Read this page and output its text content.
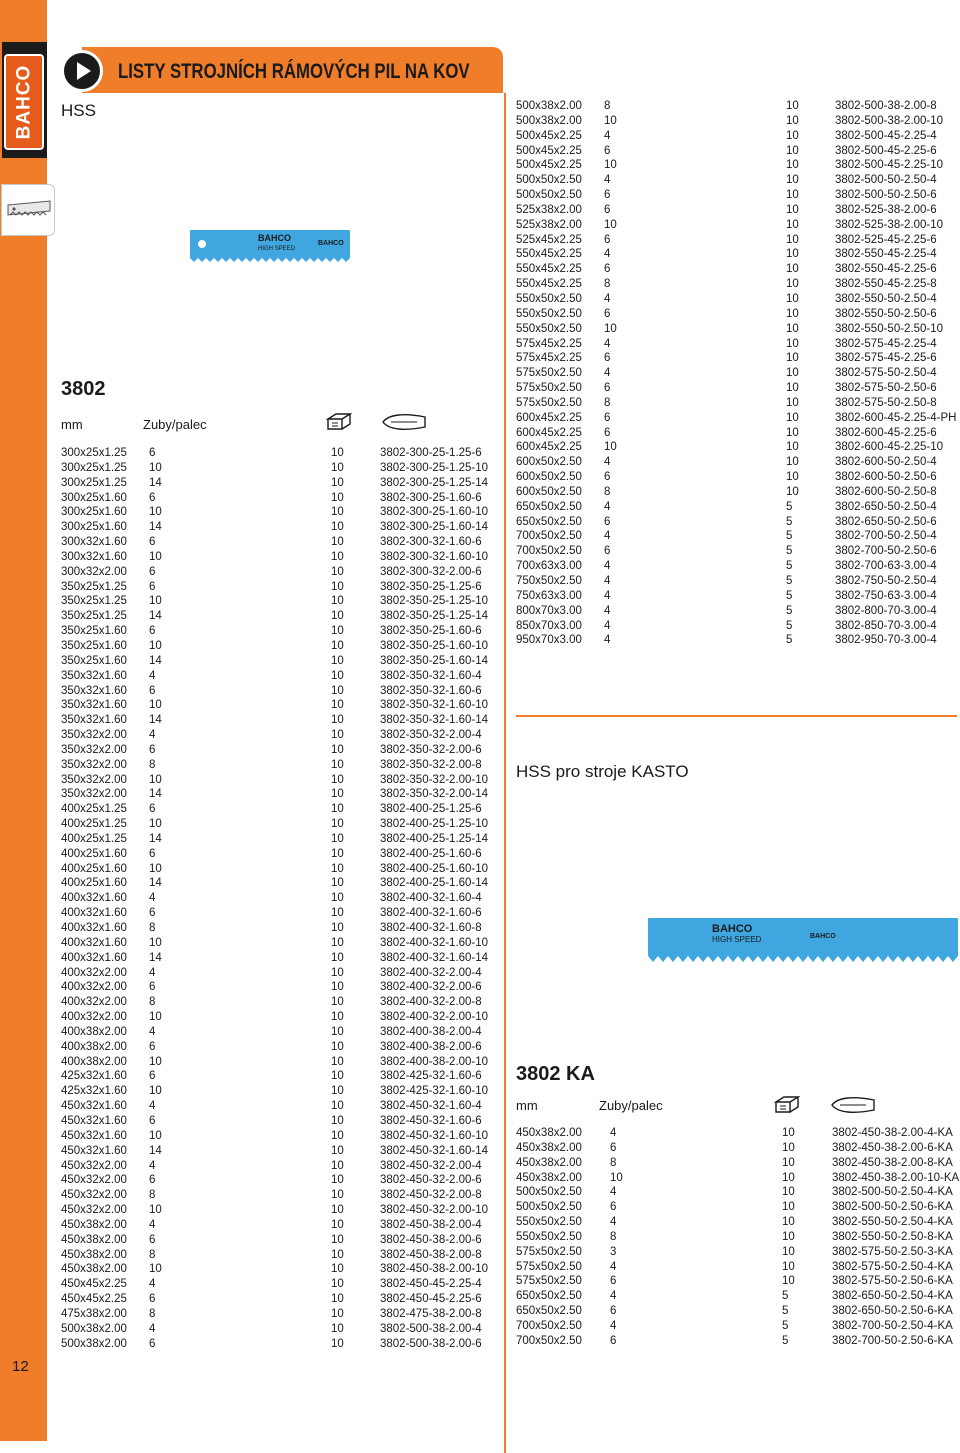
BAHCO
12
LISTY STROJNÍCH RÁMOVÝCH PIL NA KOV
HSS
BAHCO
HIGH SPEED
BAHCO
BAHCO
HIGH SPEED	BAHCO
3802
mm	Zuby/palec
300x25x1.25 6	10	3802-300-25-1.25-6
300x25x1.25 10	10	3802-300-25-1.25-10
300x25x1.25 14	10	3802-300-25-1.25-14
300x25x1.60 6	10	3802-300-25-1.60-6
300x25x1.60 10	10	3802-300-25-1.60-10
300x25x1.60 14	10	3802-300-25-1.60-14
300x32x1.60 6	10	3802-300-32-1.60-6
300x32x1.60 10	10	3802-300-32-1.60-10
300x32x2.00 6	10	3802-300-32-2.00-6
350x25x1.25 6	10	3802-350-25-1.25-6
350x25x1.25 10	10	3802-350-25-1.25-10
350x25x1.25 14	10	3802-350-25-1.25-14
350x25x1.60 6	10	3802-350-25-1.60-6
350x25x1.60 10	10	3802-350-25-1.60-10
350x25x1.60 14	10	3802-350-25-1.60-14
350x32x1.60 4	10	3802-350-32-1.60-4
350x32x1.60 6	10	3802-350-32-1.60-6
350x32x1.60 10	10	3802-350-32-1.60-10
350x32x1.60 14	10	3802-350-32-1.60-14
350x32x2.00 4	10	3802-350-32-2.00-4
350x32x2.00 6	10	3802-350-32-2.00-6
350x32x2.00 8	10	3802-350-32-2.00-8
350x32x2.00 10	10	3802-350-32-2.00-10
350x32x2.00 14	10	3802-350-32-2.00-14
400x25x1.25 6	10	3802-400-25-1.25-6
400x25x1.25 10	10	3802-400-25-1.25-10
400x25x1.25 14	10	3802-400-25-1.25-14
400x25x1.60 6	10	3802-400-25-1.60-6
400x25x1.60 10	10	3802-400-25-1.60-10
400x25x1.60 14	10	3802-400-25-1.60-14
400x32x1.60 4	10	3802-400-32-1.60-4
400x32x1.60 6	10	3802-400-32-1.60-6
400x32x1.60 8	10	3802-400-32-1.60-8
400x32x1.60 10	10	3802-400-32-1.60-10
400x32x1.60 14	10	3802-400-32-1.60-14
400x32x2.00 4	10	3802-400-32-2.00-4
400x32x2.00 6	10	3802-400-32-2.00-6
400x32x2.00 8	10	3802-400-32-2.00-8
400x32x2.00 10	10	3802-400-32-2.00-10
400x38x2.00 4	10	3802-400-38-2.00-4
400x38x2.00 6	10	3802-400-38-2.00-6
400x38x2.00 10	10	3802-400-38-2.00-10
425x32x1.60 6	10	3802-425-32-1.60-6
425x32x1.60 10	10	3802-425-32-1.60-10
450x32x1.60 4	10	3802-450-32-1.60-4
450x32x1.60 6	10	3802-450-32-1.60-6
450x32x1.60 10	10	3802-450-32-1.60-10
450x32x1.60 14	10	3802-450-32-1.60-14
450x32x2.00 4	10	3802-450-32-2.00-4
450x32x2.00 6	10	3802-450-32-2.00-6
450x32x2.00 8	10	3802-450-32-2.00-8
450x32x2.00 10	10	3802-450-32-2.00-10
450x38x2.00 4	10	3802-450-38-2.00-4
450x38x2.00 6	10	3802-450-38-2.00-6
450x38x2.00 8	10	3802-450-38-2.00-8
450x38x2.00 10	10	3802-450-38-2.00-10
450x45x2.25 4	10	3802-450-45-2.25-4
450x45x2.25 6	10	3802-450-45-2.25-6
475x38x2.00 8	10	3802-475-38-2.00-8
500x38x2.00 4	10	3802-500-38-2.00-4
500x38x2.00 6	10	3802-500-38-2.00-6
500x38x2.00 8	10	3802-500-38-2.00-8
500x38x2.00 10	10	3802-500-38-2.00-10
500x45x2.25 4	10	3802-500-45-2.25-4
500x45x2.25 6	10	3802-500-45-2.25-6
500x45x2.25 10	10	3802-500-45-2.25-10
500x50x2.50 4	10	3802-500-50-2.50-4
500x50x2.50 6	10	3802-500-50-2.50-6
525x38x2.00 6	10	3802-525-38-2.00-6
525x38x2.00 10	10	3802-525-38-2.00-10
525x45x2.25 6	10	3802-525-45-2.25-6
550x45x2.25 4	10	3802-550-45-2.25-4
550x45x2.25 6	10	3802-550-45-2.25-6
550x45x2.25 8	10	3802-550-45-2.25-8
550x50x2.50 4	10	3802-550-50-2.50-4
550x50x2.50 6	10	3802-550-50-2.50-6
550x50x2.50 10	10	3802-550-50-2.50-10
575x45x2.25 4	10	3802-575-45-2.25-4
575x45x2.25 6	10	3802-575-45-2.25-6
575x50x2.50 4	10	3802-575-50-2.50-4
575x50x2.50 6	10	3802-575-50-2.50-6
575x50x2.50 8	10	3802-575-50-2.50-8
600x45x2.25 6	10	3802-600-45-2.25-4-PH
600x45x2.25 6	10	3802-600-45-2.25-6
600x45x2.25 10	10	3802-600-45-2.25-10
600x50x2.50 4	10	3802-600-50-2.50-4
600x50x2.50 6	10	3802-600-50-2.50-6
600x50x2.50 8	10	3802-600-50-2.50-8
650x50x2.50 4	5	3802-650-50-2.50-4
650x50x2.50 6	5	3802-650-50-2.50-6
700x50x2.50 4	5	3802-700-50-2.50-4
700x50x2.50 6	5	3802-700-50-2.50-6
700x63x3.00 4	5	3802-700-63-3.00-4
750x50x2.50 4	5	3802-750-50-2.50-4
750x63x3.00 4	5	3802-750-63-3.00-4
800x70x3.00 4	5	3802-800-70-3.00-4
850x70x3.00 4	5	3802-850-70-3.00-4
950x70x3.00 4	5	3802-950-70-3.00-4
HSS pro stroje KASTO
3802 KA
mm	Zuby/palec
450x38x2.00 4	10	3802-450-38-2.00-4-KA
450x38x2.00 6	10	3802-450-38-2.00-6-KA
450x38x2.00 8	10	3802-450-38-2.00-8-KA
450x38x2.00 10	10	3802-450-38-2.00-10-KA
500x50x2.50 4	10	3802-500-50-2.50-4-KA
500x50x2.50 6	10	3802-500-50-2.50-6-KA
550x50x2.50 4	10	3802-550-50-2.50-4-KA
550x50x2.50 8	10	3802-550-50-2.50-8-KA
575x50x2.50 3	10	3802-575-50-2.50-3-KA
575x50x2.50 4	10	3802-575-50-2.50-4-KA
575x50x2.50 6	10	3802-575-50-2.50-6-KA
650x50x2.50 4	5	3802-650-50-2.50-4-KA
650x50x2.50 6	5	3802-650-50-2.50-6-KA
700x50x2.50 4	5	3802-700-50-2.50-4-KA
700x50x2.50 6	5	3802-700-50-2.50-6-KA
